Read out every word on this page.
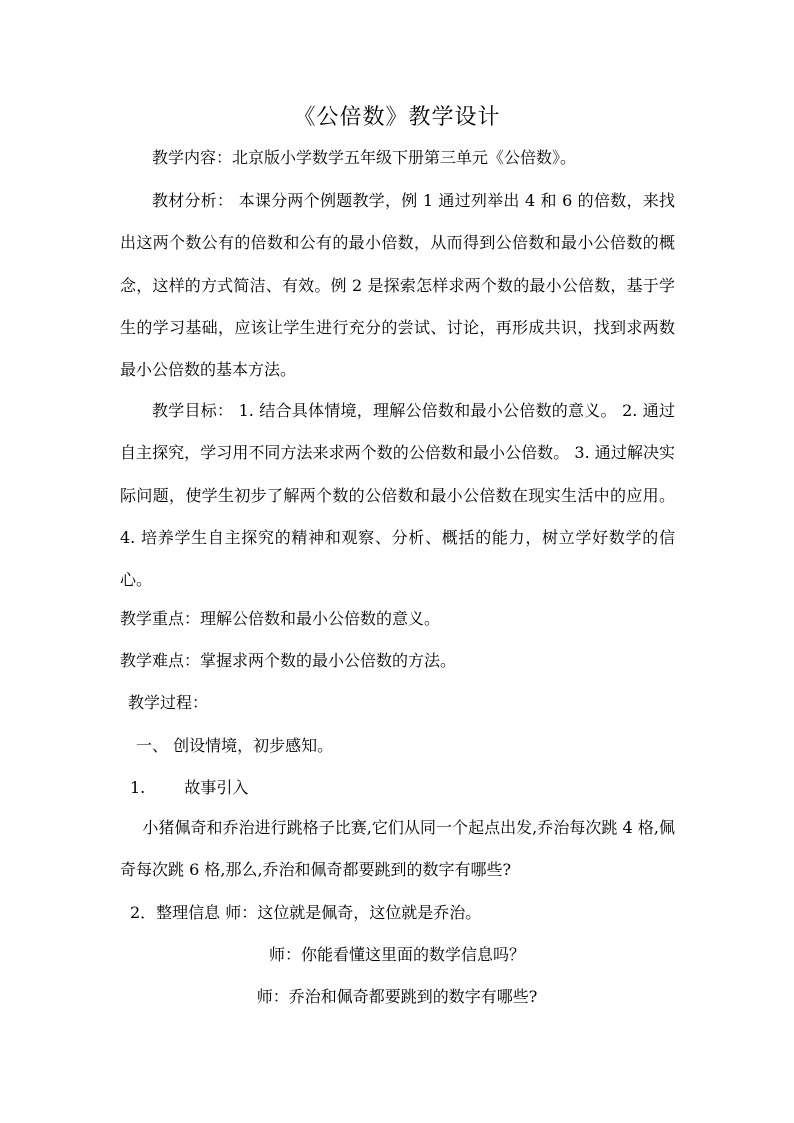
《公倍数》教学设计

教学内容：北京版小学数学五年级下册第三单元《公倍数》。

教材分析： 本课分两个例题教学，例 1 通过列举出 4 和 6 的倍数，来找出这两个数公有的倍数和公有的最小倍数，从而得到公倍数和最小公倍数的概念，这样的方式简洁、有效。例 2 是探索怎样求两个数的最小公倍数，基于学生的学习基础，应该让学生进行充分的尝试、讨论，再形成共识，找到求两数最小公倍数的基本方法。

教学目标： 1. 结合具体情境，理解公倍数和最小公倍数的意义。 2. 通过自主探究，学习用不同方法来求两个数的公倍数和最小公倍数。 3. 通过解决实际问题，使学生初步了解两个数的公倍数和最小公倍数在现实生活中的应用。 4. 培养学生自主探究的精神和观察、分析、概括的能力，树立学好数学的信心。

教学重点：理解公倍数和最小公倍数的意义。

教学难点：掌握求两个数的最小公倍数的方法。

教学过程：

一、 创设情境，初步感知。

1. 故事引入

小猪佩奇和乔治进行跳格子比赛,它们从同一个起点出发,乔治每次跳 4 格,佩奇每次跳 6 格,那么,乔治和佩奇都要跳到的数字有哪些?

2．整理信息 师：这位就是佩奇，这位就是乔治。

师：你能看懂这里面的数学信息吗？

师：乔治和佩奇都要跳到的数字有哪些?
